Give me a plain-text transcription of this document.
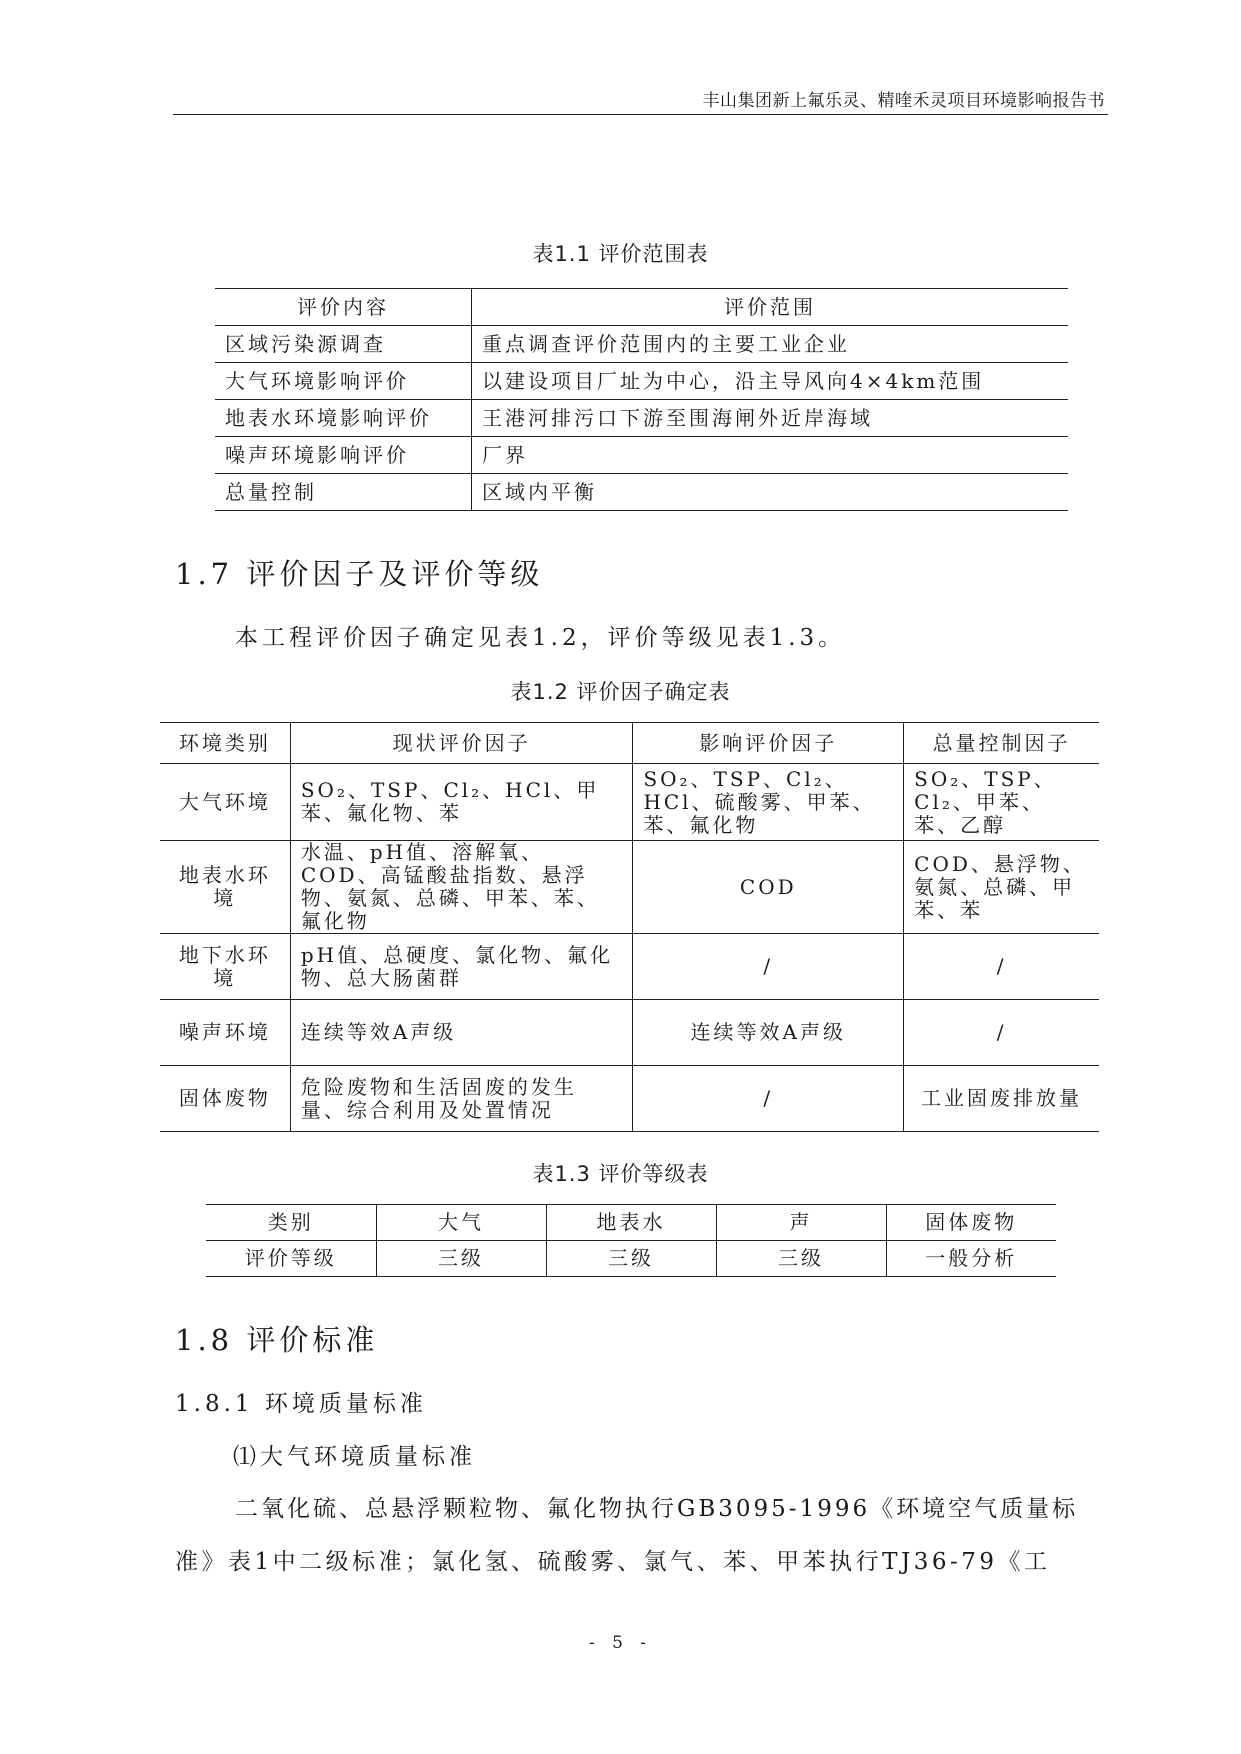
丰山集团新上氟乐灵、精喹禾灵项目环境影响报告书
表1.1 评价范围表
评价内容	评价范围
区域污染源调查	重点调查评价范围内的主要工业企业
大气环境影响评价	以建设项目厂址为中心，沿主导风向4×4km范围
地表水环境影响评价	王港河排污口下游至围海闸外近岸海域
噪声环境影响评价	厂界
总量控制	区域内平衡
1.7 评价因子及评价等级
本工程评价因子确定见表1.2，评价等级见表1.3。
表1.2 评价因子确定表
环境类别	现状评价因子	影响评价因子	总量控制因子
大气环境	SO₂、TSP、Cl₂、HCl、甲苯、氟化物、苯	SO₂、TSP、Cl₂、HCl、硫酸雾、甲苯、苯、氟化物	SO₂、TSP、Cl₂、甲苯、苯、乙醇
地表水环境	水温、pH值、溶解氧、COD、高锰酸盐指数、悬浮物、氨氮、总磷、甲苯、苯、氟化物	COD	COD、悬浮物、氨氮、总磷、甲苯、苯
地下水环境	pH值、总硬度、氯化物、氟化物、总大肠菌群	/	/
噪声环境	连续等效A声级	连续等效A声级	/
固体废物	危险废物和生活固废的发生量、综合利用及处置情况	/	工业固废排放量
表1.3 评价等级表
类别	大气	地表水	声	固体废物
评价等级	三级	三级	三级	一般分析
1.8 评价标准
1.8.1 环境质量标准
⑴大气环境质量标准
二氧化硫、总悬浮颗粒物、氟化物执行GB3095-1996《环境空气质量标
准》表1中二级标准；氯化氢、硫酸雾、氯气、苯、甲苯执行TJ36-79《工
- 5 -
